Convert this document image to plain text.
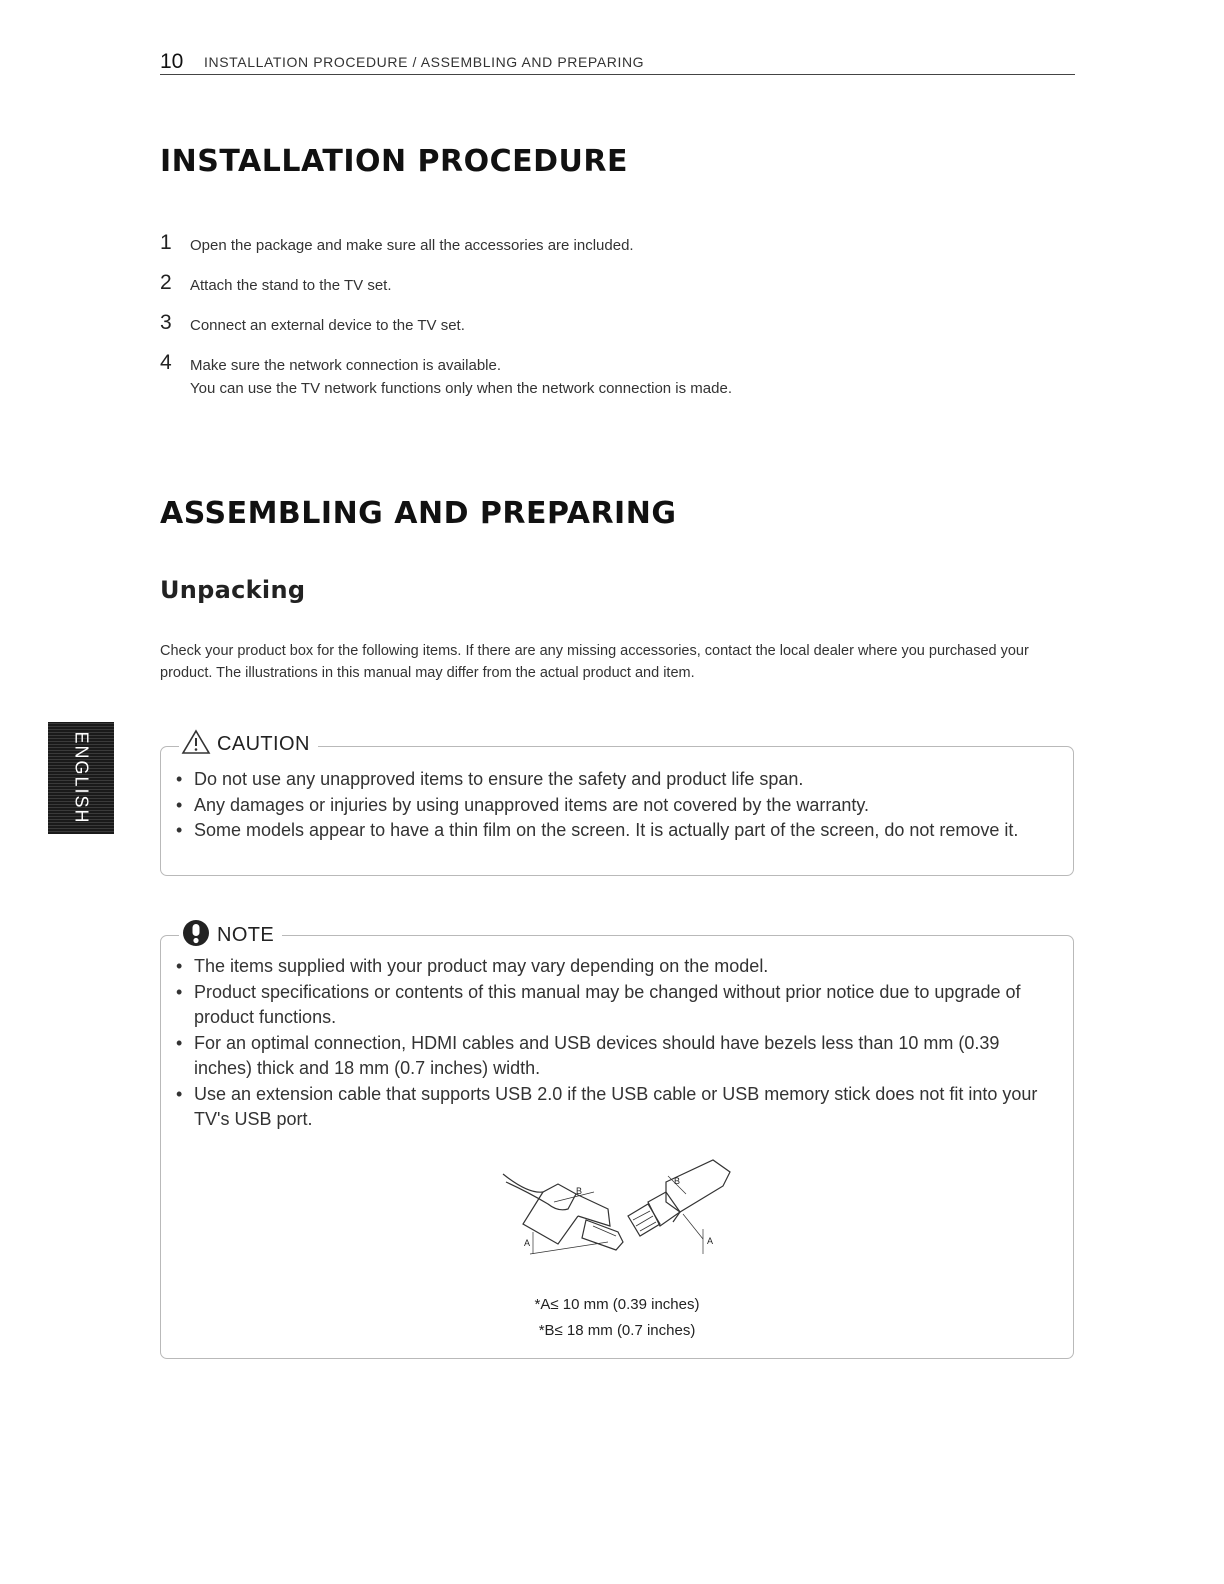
10 INSTALLATION PROCEDURE / ASSEMBLING AND PREPARING
INSTALLATION PROCEDURE
1 Open the package and make sure all the accessories are included.
2 Attach the stand to the TV set.
3 Connect an external device to the TV set.
4 Make sure the network connection is available.
You can use the TV network functions only when the network connection is made.
ASSEMBLING AND PREPARING
Unpacking

Check your product box for the following items. If there are any missing accessories, contact the local dealer where you purchased your product. The illustrations in this manual may differ from the actual product and item.

ENGLISH	CAUTION
• Do not use any unapproved items to ensure the safety and product life span.
• Any damages or injuries by using unapproved items are not covered by the warranty.
• Some models appear to have a thin film on the screen. It is actually part of the screen, do not remove it.
NOTE
• The items supplied with your product may vary depending on the model.
• Product specifications or contents of this manual may be changed without prior notice due to upgrade of product functions.
• For an optimal connection, HDMI cables and USB devices should have bezels less than 10 mm (0.39 inches) thick and 18 mm (0.7 inches) width.
• Use an extension cable that supports USB 2.0 if the USB cable or USB memory stick does not fit into your TV's USB port.
B
B
A	A
*A≤ 10 mm (0.39 inches)
*B≤ 18 mm (0.7 inches)
